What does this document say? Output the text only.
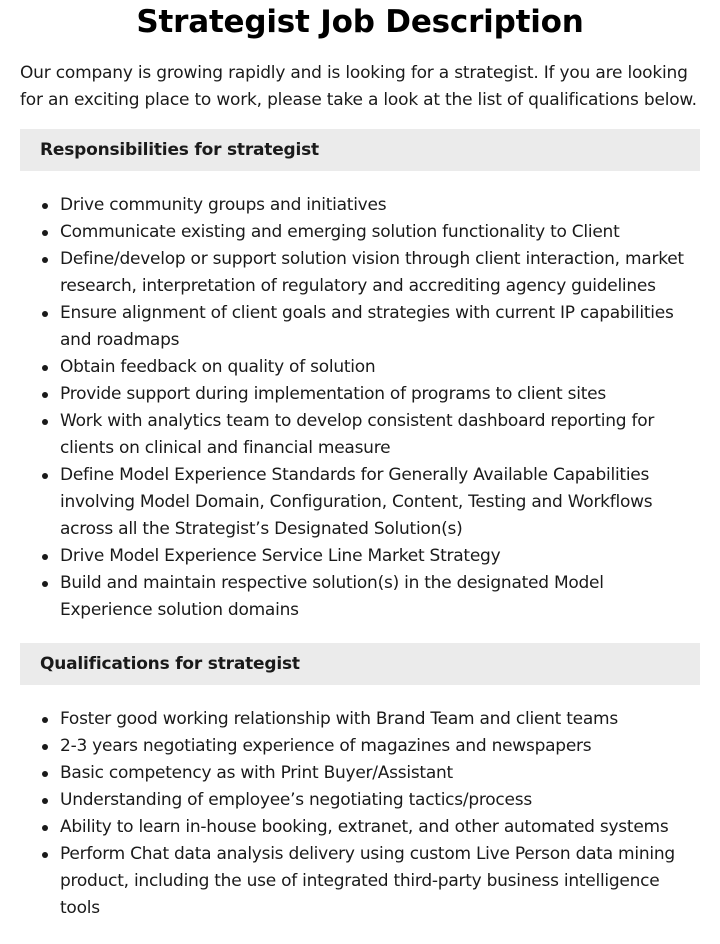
Strategist Job Description

Our company is growing rapidly and is looking for a strategist. If you are looking for an exciting place to work, please take a look at the list of qualifications below.

Responsibilities for strategist
Drive community groups and initiatives
Communicate existing and emerging solution functionality to Client
Define/develop or support solution vision through client interaction, market research, interpretation of regulatory and accrediting agency guidelines
Ensure alignment of client goals and strategies with current IP capabilities and roadmaps
Obtain feedback on quality of solution
Provide support during implementation of programs to client sites
Work with analytics team to develop consistent dashboard reporting for clients on clinical and financial measure
Define Model Experience Standards for Generally Available Capabilities involving Model Domain, Configuration, Content, Testing and Workflows across all the Strategist’s Designated Solution(s)
Drive Model Experience Service Line Market Strategy
Build and maintain respective solution(s) in the designated Model Experience solution domains
Qualifications for strategist
Foster good working relationship with Brand Team and client teams
2-3 years negotiating experience of magazines and newspapers
Basic competency as with Print Buyer/Assistant
Understanding of employee’s negotiating tactics/process
Ability to learn in-house booking, extranet, and other automated systems
Perform Chat data analysis delivery using custom Live Person data mining product, including the use of integrated third-party business intelligence tools
